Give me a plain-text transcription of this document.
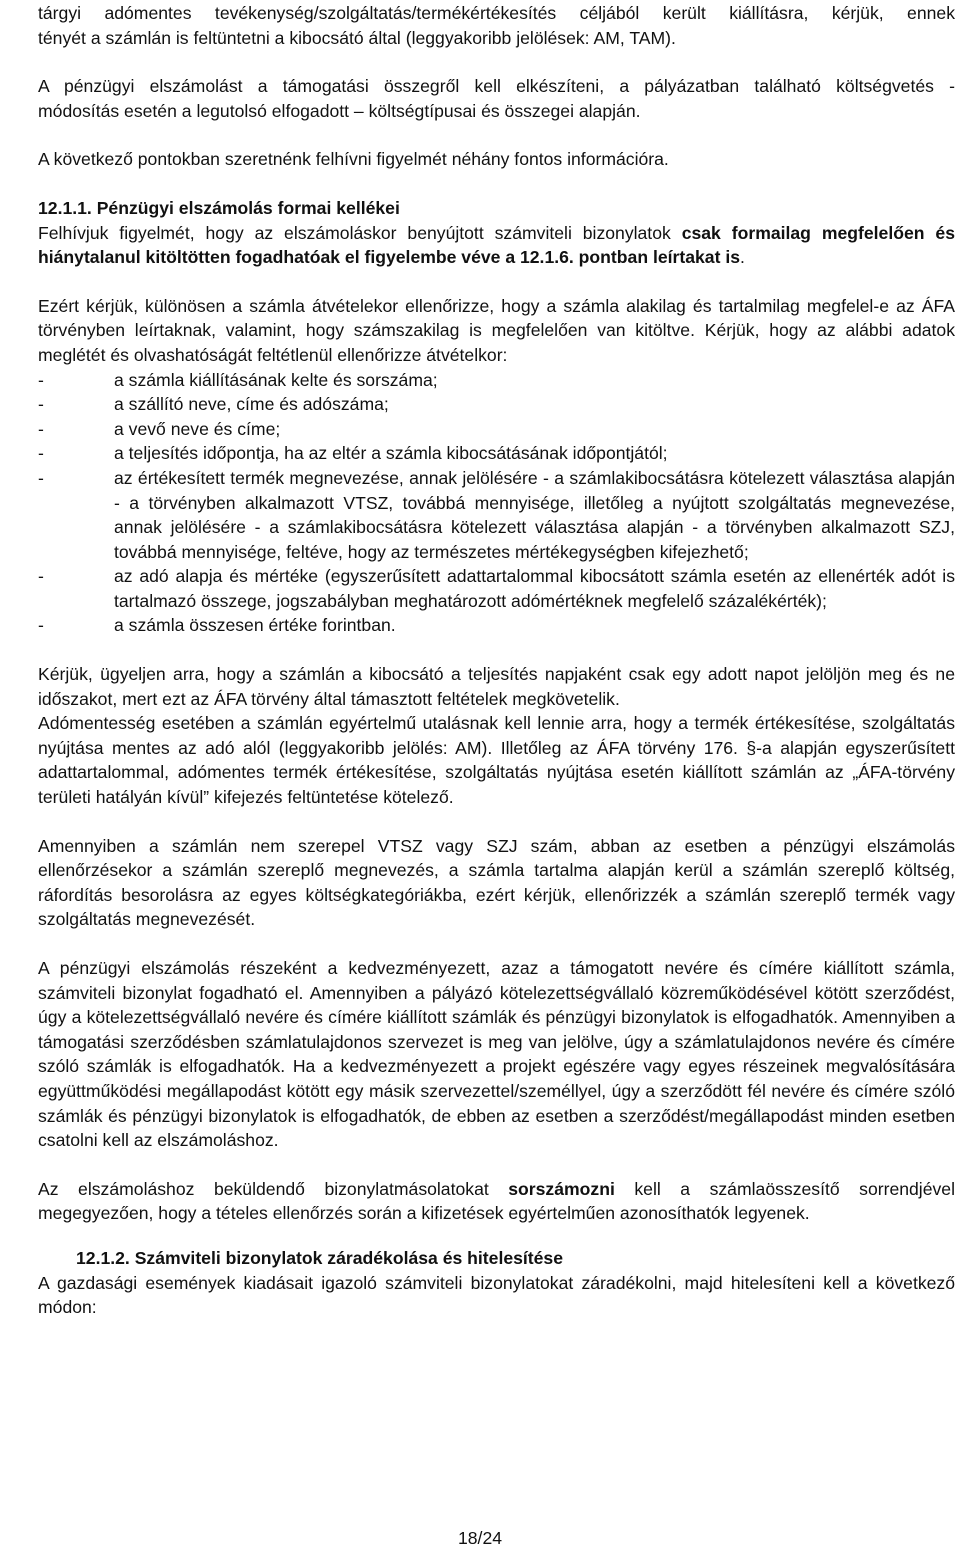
tárgyi adómentes tevékenység/szolgáltatás/termékértékesítés céljából került kiállításra, kérjük, ennek

tényét a számlán is feltüntetni a kibocsátó által (leggyakoribb jelölések: AM, TAM).

A pénzügyi elszámolást a támogatási összegről kell elkészíteni, a pályázatban található költségvetés -

módosítás esetén a legutolsó elfogadott – költségtípusai és összegei alapján.

A következő pontokban szeretnénk felhívni figyelmét néhány fontos információra.

12.1.1. Pénzügyi elszámolás formai kellékei

Felhívjuk figyelmét, hogy az elszámoláskor benyújtott számviteli bizonylatok csak formailag megfelelően és hiánytalanul kitöltötten fogadhatóak el figyelembe véve a 12.1.6. pontban leírtakat is.

Ezért kérjük, különösen a számla átvételekor ellenőrizze, hogy a számla alakilag és tartalmilag megfelel-e az ÁFA törvényben leírtaknak, valamint, hogy számszakilag is megfelelően van kitöltve. Kérjük, hogy az alábbi adatok meglétét és olvashatóságát feltétlenül ellenőrizze átvételkor:

-	a számla kiállításának kelte és sorszáma;
-	a szállító neve, címe és adószáma;
-	a vevő neve és címe;
-	a teljesítés időpontja, ha az eltér a számla kibocsátásának időpontjától;
-	az értékesített termék megnevezése, annak jelölésére - a számlakibocsátásra kötelezett választása alapján - a törvényben alkalmazott VTSZ, továbbá mennyisége, illetőleg a nyújtott szolgáltatás megnevezése, annak jelölésére - a számlakibocsátásra kötelezett választása alapján - a törvényben alkalmazott SZJ, továbbá mennyisége, feltéve, hogy az természetes mértékegységben kifejezhető;
-	az adó alapja és mértéke (egyszerűsített adattartalommal kibocsátott számla esetén az ellenérték adót is tartalmazó összege, jogszabályban meghatározott adómértéknek megfelelő százalékérték);
-	a számla összesen értéke forintban.

Kérjük, ügyeljen arra, hogy a számlán a kibocsátó a teljesítés napjaként csak egy adott napot jelöljön meg és ne időszakot, mert ezt az ÁFA törvény által támasztott feltételek megkövetelik.

Adómentesség esetében a számlán egyértelmű utalásnak kell lennie arra, hogy a termék értékesítése, szolgáltatás nyújtása mentes az adó alól (leggyakoribb jelölés: AM). Illetőleg az ÁFA törvény 176. §-a alapján egyszerűsített adattartalommal, adómentes termék értékesítése, szolgáltatás nyújtása esetén kiállított számlán az „ÁFA-törvény területi hatályán kívül” kifejezés feltüntetése kötelező.

Amennyiben a számlán nem szerepel VTSZ vagy SZJ szám, abban az esetben a pénzügyi elszámolás ellenőrzésekor a számlán szereplő megnevezés, a számla tartalma alapján kerül a számlán szereplő költség, ráfordítás besorolásra az egyes költségkategóriákba, ezért kérjük, ellenőrizzék a számlán szereplő termék vagy szolgáltatás megnevezését.

A pénzügyi elszámolás részeként a kedvezményezett, azaz a támogatott nevére és címére kiállított számla, számviteli bizonylat fogadható el. Amennyiben a pályázó kötelezettségvállaló közreműködésével kötött szerződést, úgy a kötelezettségvállaló nevére és címére kiállított számlák és pénzügyi bizonylatok is elfogadhatók. Amennyiben a támogatási szerződésben számlatulajdonos szervezet is meg van jelölve, úgy a számlatulajdonos nevére és címére szóló számlák is elfogadhatók. Ha a kedvezményezett a projekt egészére vagy egyes részeinek megvalósítására együttműködési megállapodást kötött egy másik szervezettel/személlyel, úgy a szerződött fél nevére és címére szóló számlák és pénzügyi bizonylatok is elfogadhatók, de ebben az esetben a szerződést/megállapodást minden esetben csatolni kell az elszámoláshoz.

Az elszámoláshoz beküldendő bizonylatmásolatokat sorszámozni kell a számlaösszesítő sorrendjével megegyezően, hogy a tételes ellenőrzés során a kifizetések egyértelműen azonosíthatók legyenek.

12.1.2. Számviteli bizonylatok záradékolása és hitelesítése

A gazdasági események kiadásait igazoló számviteli bizonylatokat záradékolni, majd hitelesíteni kell a következő módon:

18/24
